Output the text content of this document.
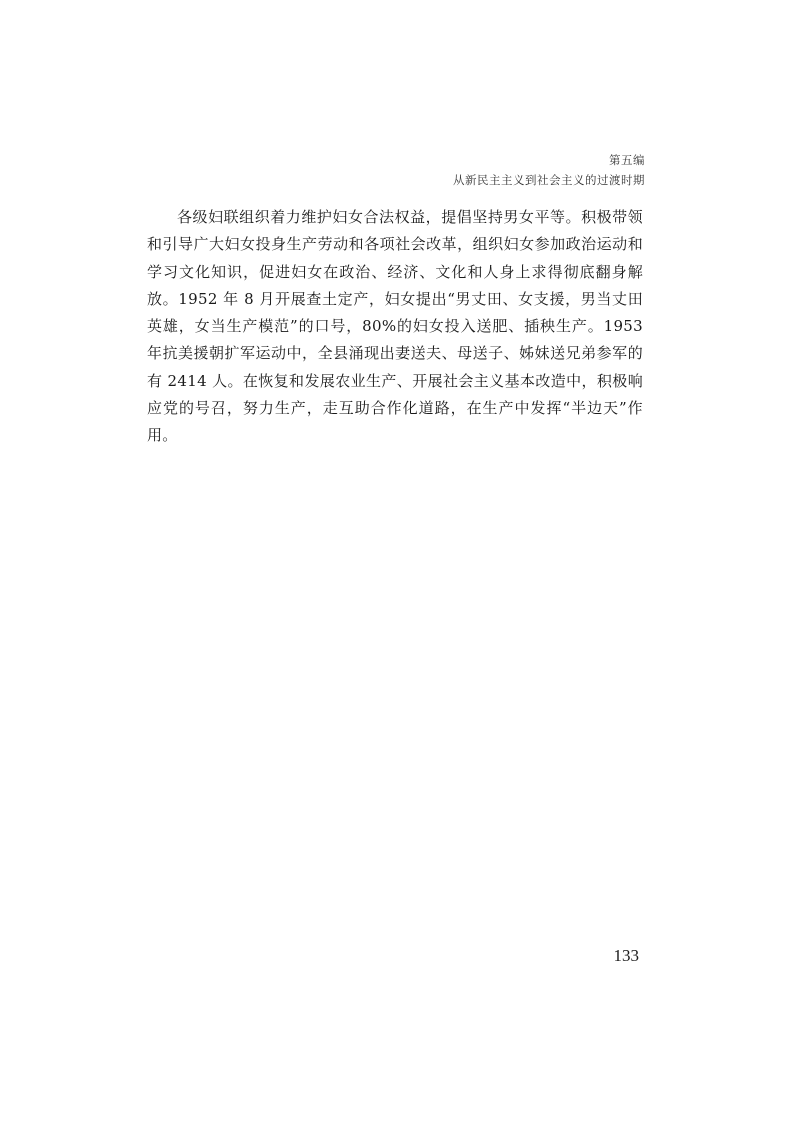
第五编
从新民主主义到社会主义的过渡时期

各级妇联组织着力维护妇女合法权益，提倡坚持男女平等。积极带领和引导广大妇女投身生产劳动和各项社会改革，组织妇女参加政治运动和学习文化知识，促进妇女在政治、经济、文化和人身上求得彻底翻身解放。1952 年 8 月开展查土定产，妇女提出“男丈田、女支援，男当丈田英雄，女当生产模范”的口号，80%的妇女投入送肥、插秧生产。1953 年抗美援朝扩军运动中，全县涌现出妻送夫、母送子、姊妹送兄弟参军的有 2414 人。在恢复和发展农业生产、开展社会主义基本改造中，积极响应党的号召，努力生产，走互助合作化道路，在生产中发挥“半边天”作用。

133
